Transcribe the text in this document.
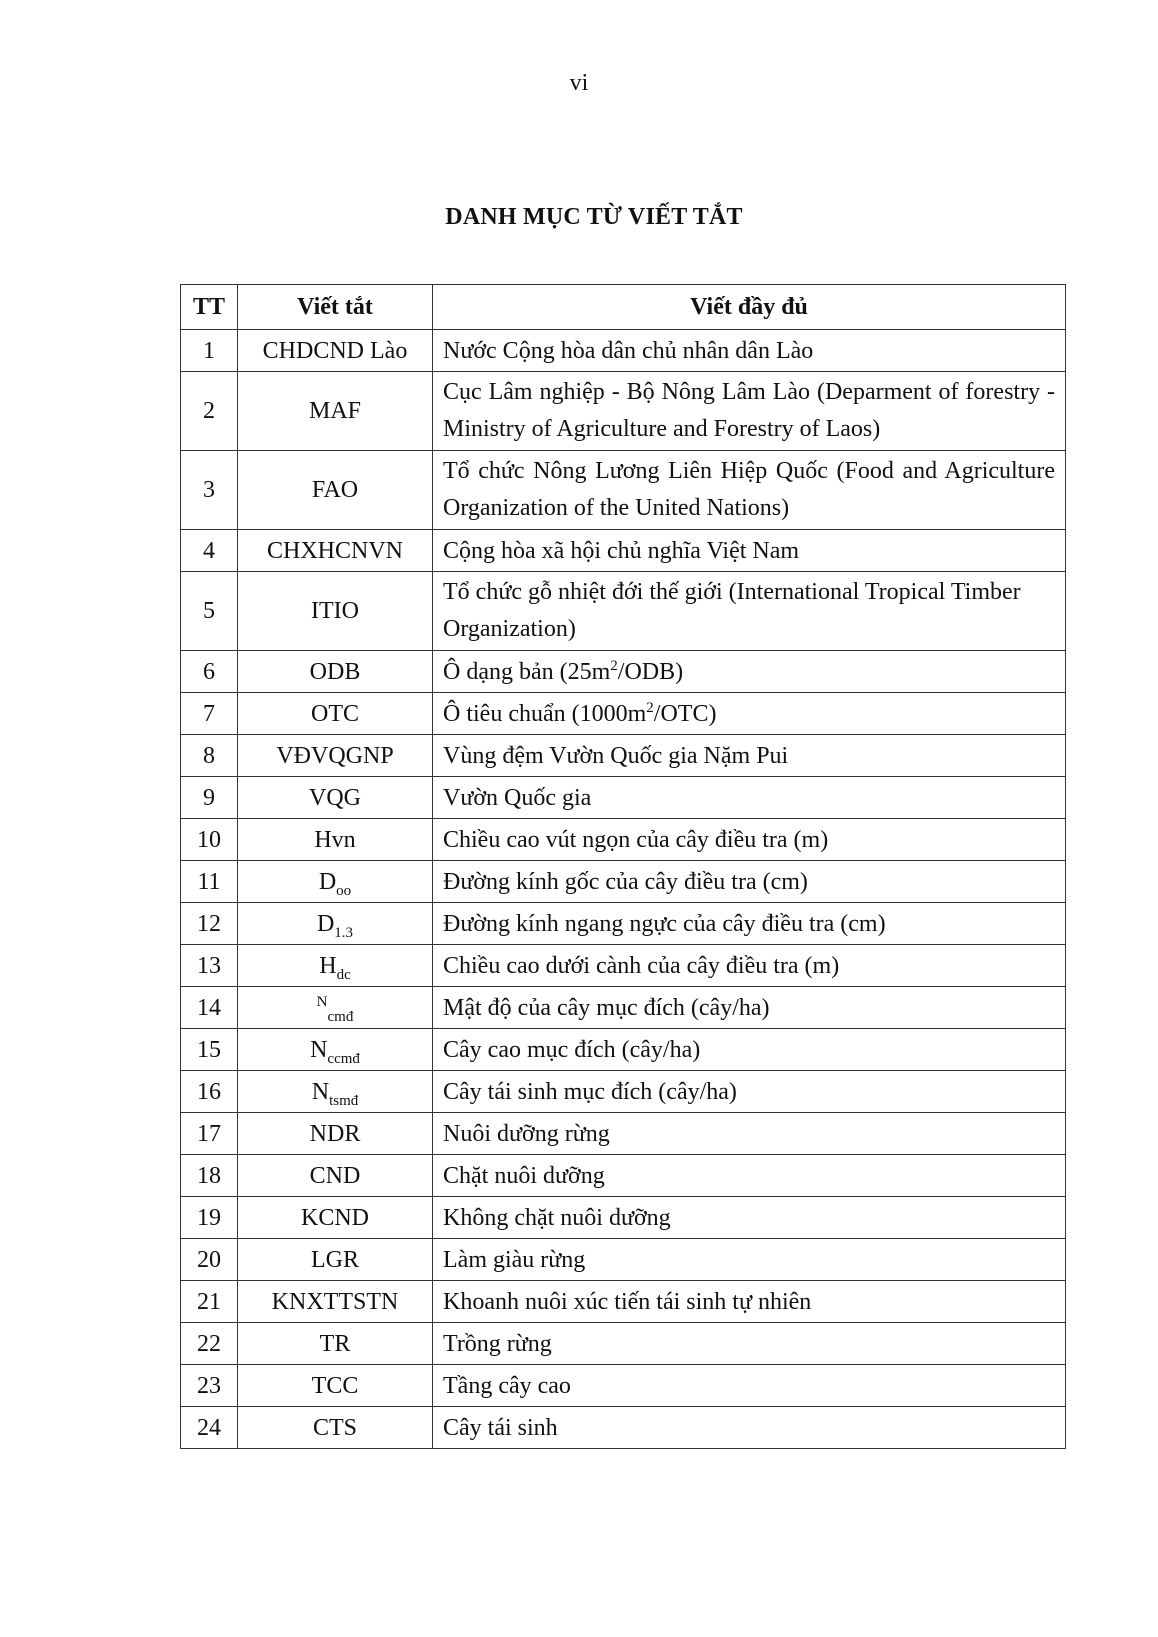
vi
DANH MỤC TỪ VIẾT TẮT
TT	Viết tắt	Viết đầy đủ
1	CHDCND Lào	Nước Cộng hòa dân chủ nhân dân Lào
2	MAF	Cục Lâm nghiệp - Bộ Nông Lâm Lào (Deparment of forestry - Ministry of Agriculture and Forestry of Laos)
3	FAO	Tổ chức Nông Lương Liên Hiệp Quốc (Food and Agriculture Organization of the United Nations)
4	CHXHCNVN	Cộng hòa xã hội chủ nghĩa Việt Nam
5	ITIO	Tổ chức gỗ nhiệt đới thế giới (International Tropical Timber Organization)
6	ODB	Ô dạng bản $(25m^2/ODB)$
7	OTC	Ô tiêu chuẩn $(1000m^2/OTC)$
8	VĐVQGNP	Vùng đệm Vườn Quốc gia Nặm Pui
9	VQG	Vườn Quốc gia
10	Hvn	Chiều cao vút ngọn của cây điều tra (m)
11	$D_{oo}$	Đường kính gốc của cây điều tra (cm)
12	$D_{1.3}$	Đường kính ngang ngực của cây điều tra (cm)
13	$H_{dc}$	Chiều cao dưới cành của cây điều tra (m)
14	$^N_{cmđ}$	Mật độ của cây mục đích (cây/ha)
15	$N_{ccmđ}$	Cây cao mục đích (cây/ha)
16	$N_{tsmđ}$	Cây tái sinh mục đích (cây/ha)
17	NDR	Nuôi dưỡng rừng
18	CND	Chặt nuôi dưỡng
19	KCND	Không chặt nuôi dưỡng
20	LGR	Làm giàu rừng
21	KNXTTSTN	Khoanh nuôi xúc tiến tái sinh tự nhiên
22	TR	Trồng rừng
23	TCC	Tầng cây cao
24	CTS	Cây tái sinh
